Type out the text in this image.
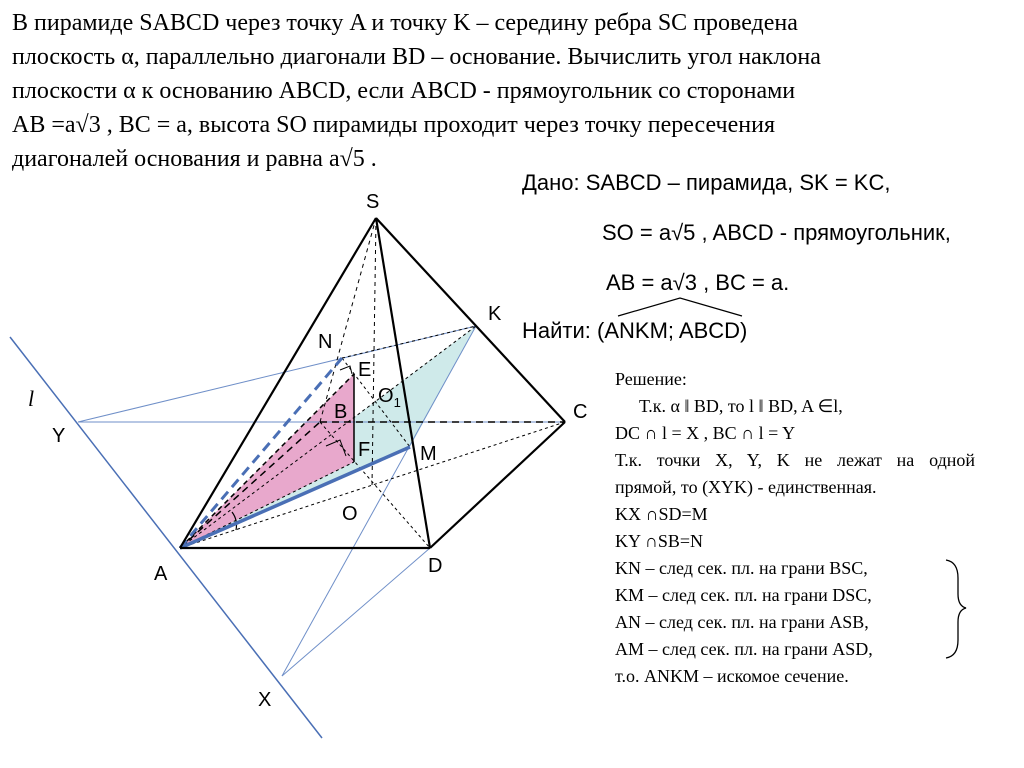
В пирамиде SABCD через точку A и точку K – середину ребра SC проведена
плоскость α, параллельно диагонали BD – основание. Вычислить угол наклона
плоскости α к основанию ABCD, если ABCD - прямоугольник со сторонами
AB =a√3 , BC = a, высота SO пирамиды проходит через точку пересечения
диагоналей основания и равна a√5 .
Дано: SABCD – пирамида, SK = KC,
SO = a√5 , ABCD - прямоугольник,
AB = a√3 , BC = a.
Найти: (ANKM; ABCD)
S
K
N
E
$O_1$
B	C
F M
O
A	D
X
Y
l
Решение:
Т.к. α ǁ BD, то l ǁ BD, A ∈l,
DC ∩ l = X , BC ∩ l = Y
Т.к. точки X, Y, K не лежат на одной
прямой, то (XYK) - единственная.
KX ∩SD=M
KY ∩SB=N
KN – след сек. пл. на грани BSC,
KM – след сек. пл. на грани DSC,
AN – след сек. пл. на грани ASB,
AM – след сек. пл. на грани ASD,
т.о. ANKM – искомое сечение.
